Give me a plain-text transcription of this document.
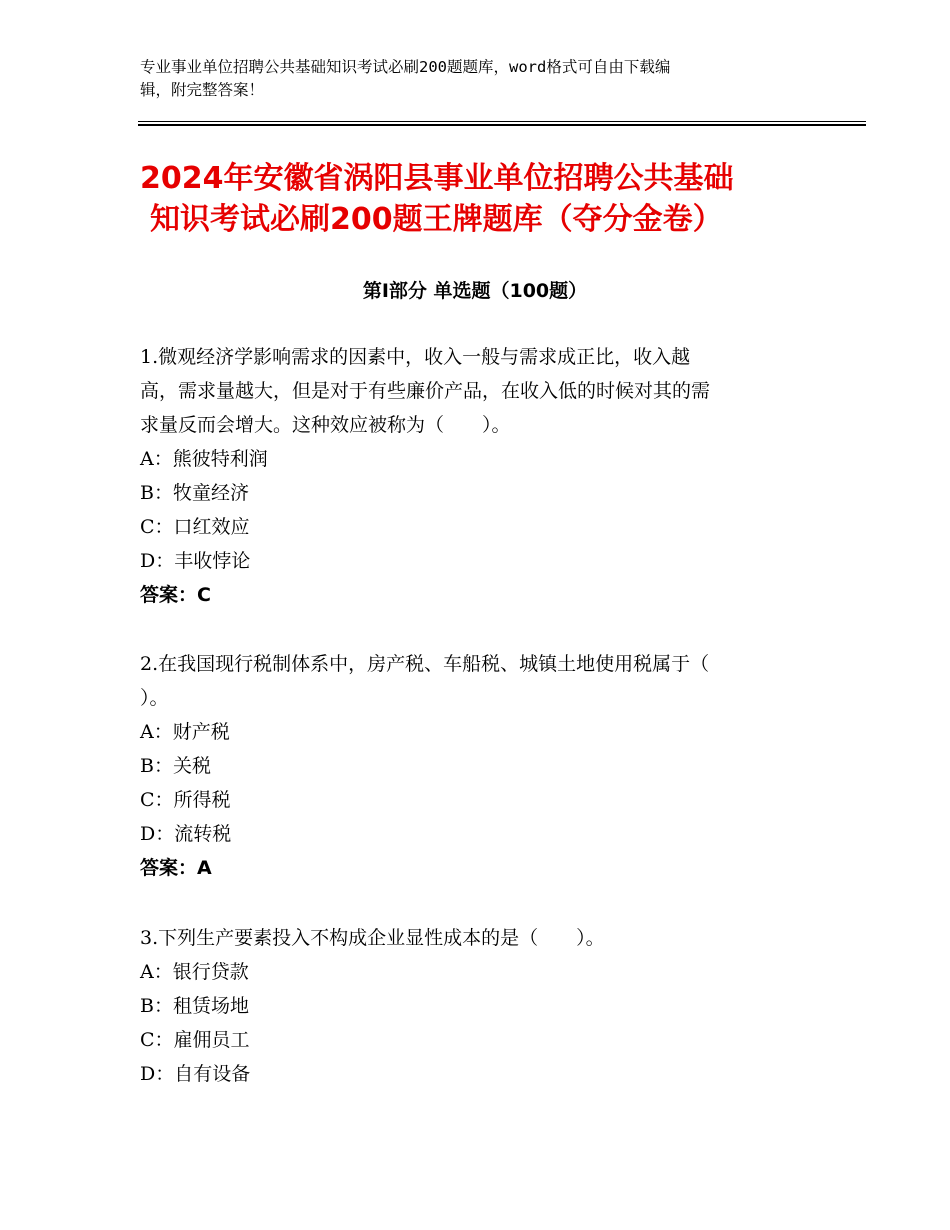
专业事业单位招聘公共基础知识考试必刷200题题库，word格式可自由下载编
辑，附完整答案！
2024年安徽省涡阳县事业单位招聘公共基础
知识考试必刷200题王牌题库（夺分金卷）
第Ⅰ部分 单选题（100题）

1.微观经济学影响需求的因素中，收入一般与需求成正比，收入越

高，需求量越大，但是对于有些廉价产品，在收入低的时候对其的需

求量反而会增大。这种效应被称为（　　）。

A：熊彼特利润

B：牧童经济

C：口红效应

D：丰收悖论

答案：C

2.在我国现行税制体系中，房产税、车船税、城镇土地使用税属于（

）。

A：财产税

B：关税

C：所得税

D：流转税

答案：A

3.下列生产要素投入不构成企业显性成本的是（　　）。

A：银行贷款

B：租赁场地

C：雇佣员工

D：自有设备
